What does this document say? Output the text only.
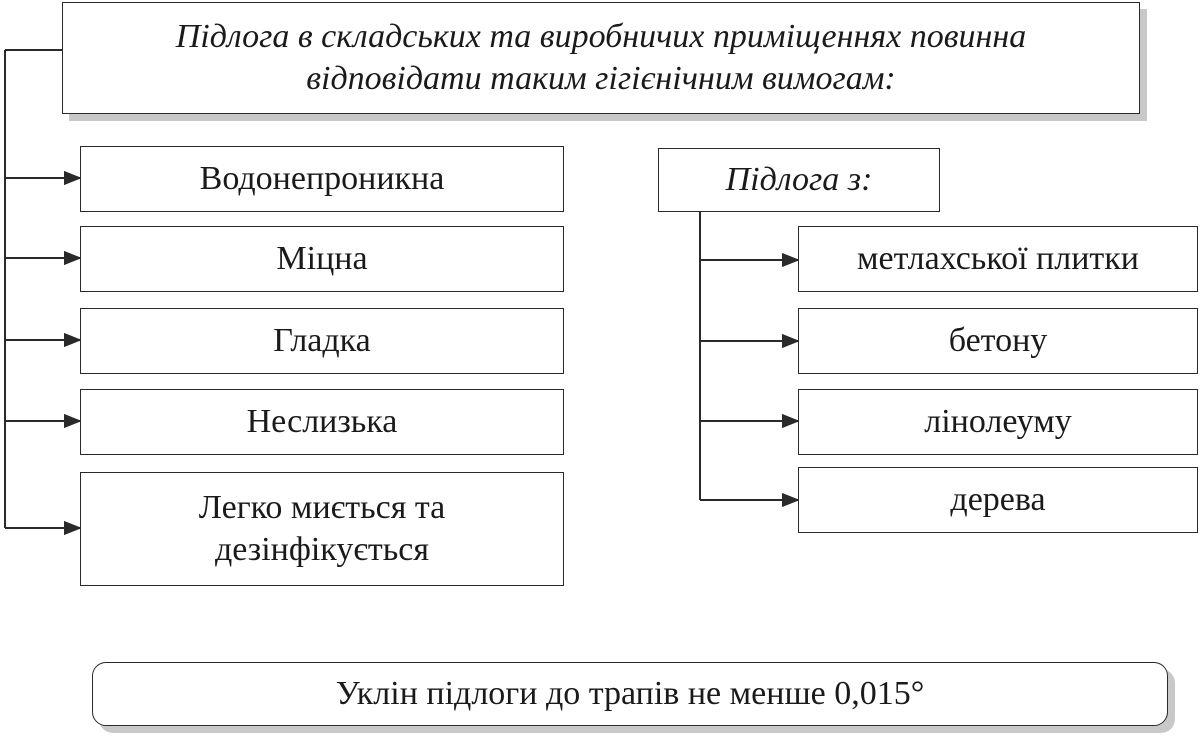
Підлога в складських та виробничих приміщеннях повинна
відповідати таким гігієнічним вимогам:
Водонепроникна
Міцна
Гладка
Неслизька
Легко миється та
дезінфікується
Підлога з:
метлахської плитки
бетону
лінолеуму
дерева
Уклін підлоги до трапів не менше 0,015°
